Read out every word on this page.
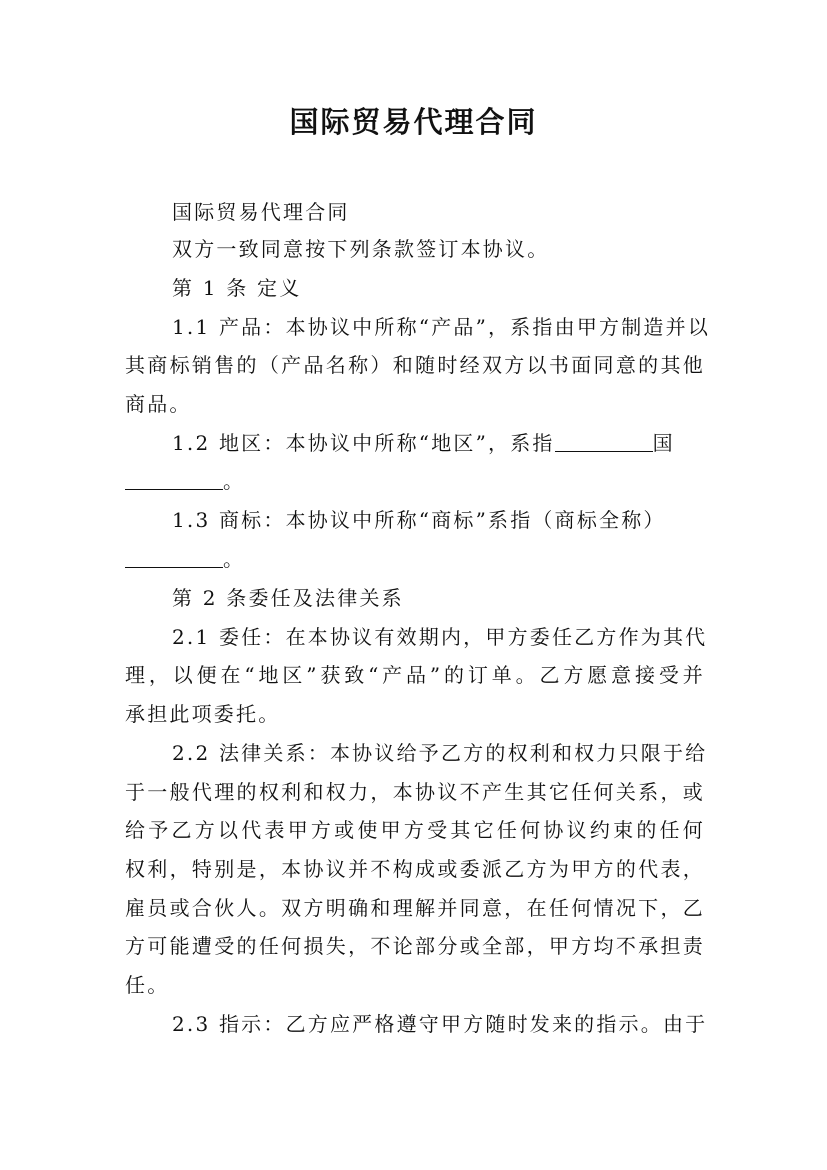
国际贸易代理合同

国际贸易代理合同

双方一致同意按下列条款签订本协议。

第 1 条 定义

1.1 产品：本协议中所称“产品”，系指由甲方制造并以

其商标销售的（产品名称）和随时经双方以书面同意的其他

商品。

1.2 地区：本协议中所称“地区”，系指	国

。

1.3 商标：本协议中所称“商标”系指（商标全称）

。

第 2 条委任及法律关系

2.1 委任：在本协议有效期内，甲方委任乙方作为其代

理，以便在“地区”获致“产品”的订单。乙方愿意接受并

承担此项委托。

2.2 法律关系：本协议给予乙方的权利和权力只限于给

于一般代理的权利和权力，本协议不产生其它任何关系，或

给予乙方以代表甲方或使甲方受其它任何协议约束的任何

权利，特别是，本协议并不构成或委派乙方为甲方的代表，

雇员或合伙人。双方明确和理解并同意，在任何情况下，乙

方可能遭受的任何损失，不论部分或全部，甲方均不承担责

任。

2.3 指示：乙方应严格遵守甲方随时发来的指示。由于
